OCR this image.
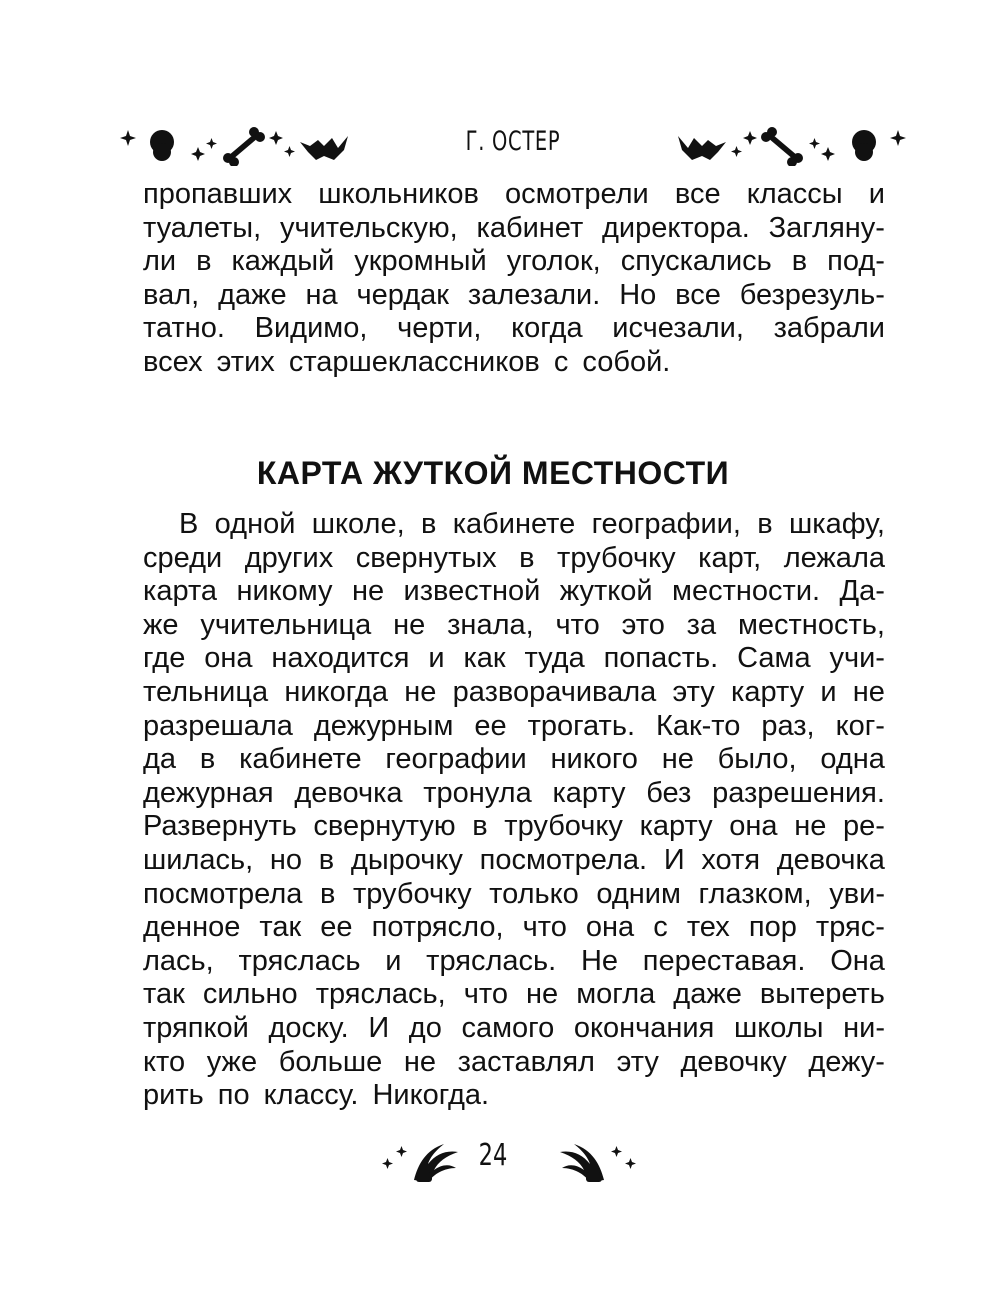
Г. ОСТЕР
пропавших школьников осмотрели все классы и
туалеты, учительскую, кабинет директора. Загляну-
ли в каждый укромный уголок, спускались в под-
вал, даже на чердак залезали. Но все безрезуль-
татно. Видимо, черти, когда исчезали, забрали
всех этих старшеклассников с собой.
КАРТА ЖУТКОЙ МЕСТНОСТИ
В одной школе, в кабинете географии, в шкафу,
среди других свернутых в трубочку карт, лежала
карта никому не известной жуткой местности. Да-
же учительница не знала, что это за местность,
где она находится и как туда попасть. Сама учи-
тельница никогда не разворачивала эту карту и не
разрешала дежурным ее трогать. Как-то раз, ког-
да в кабинете географии никого не было, одна
дежурная девочка тронула карту без разрешения.
Развернуть свернутую в трубочку карту она не ре-
шилась, но в дырочку посмотрела. И хотя девочка
посмотрела в трубочку только одним глазком, уви-
денное так ее потрясло, что она с тех пор тряс-
лась, тряслась и тряслась. Не переставая. Она
так сильно тряслась, что не могла даже вытереть
тряпкой доску. И до самого окончания школы ни-
кто уже больше не заставлял эту девочку дежу-
рить по классу. Никогда.
24
